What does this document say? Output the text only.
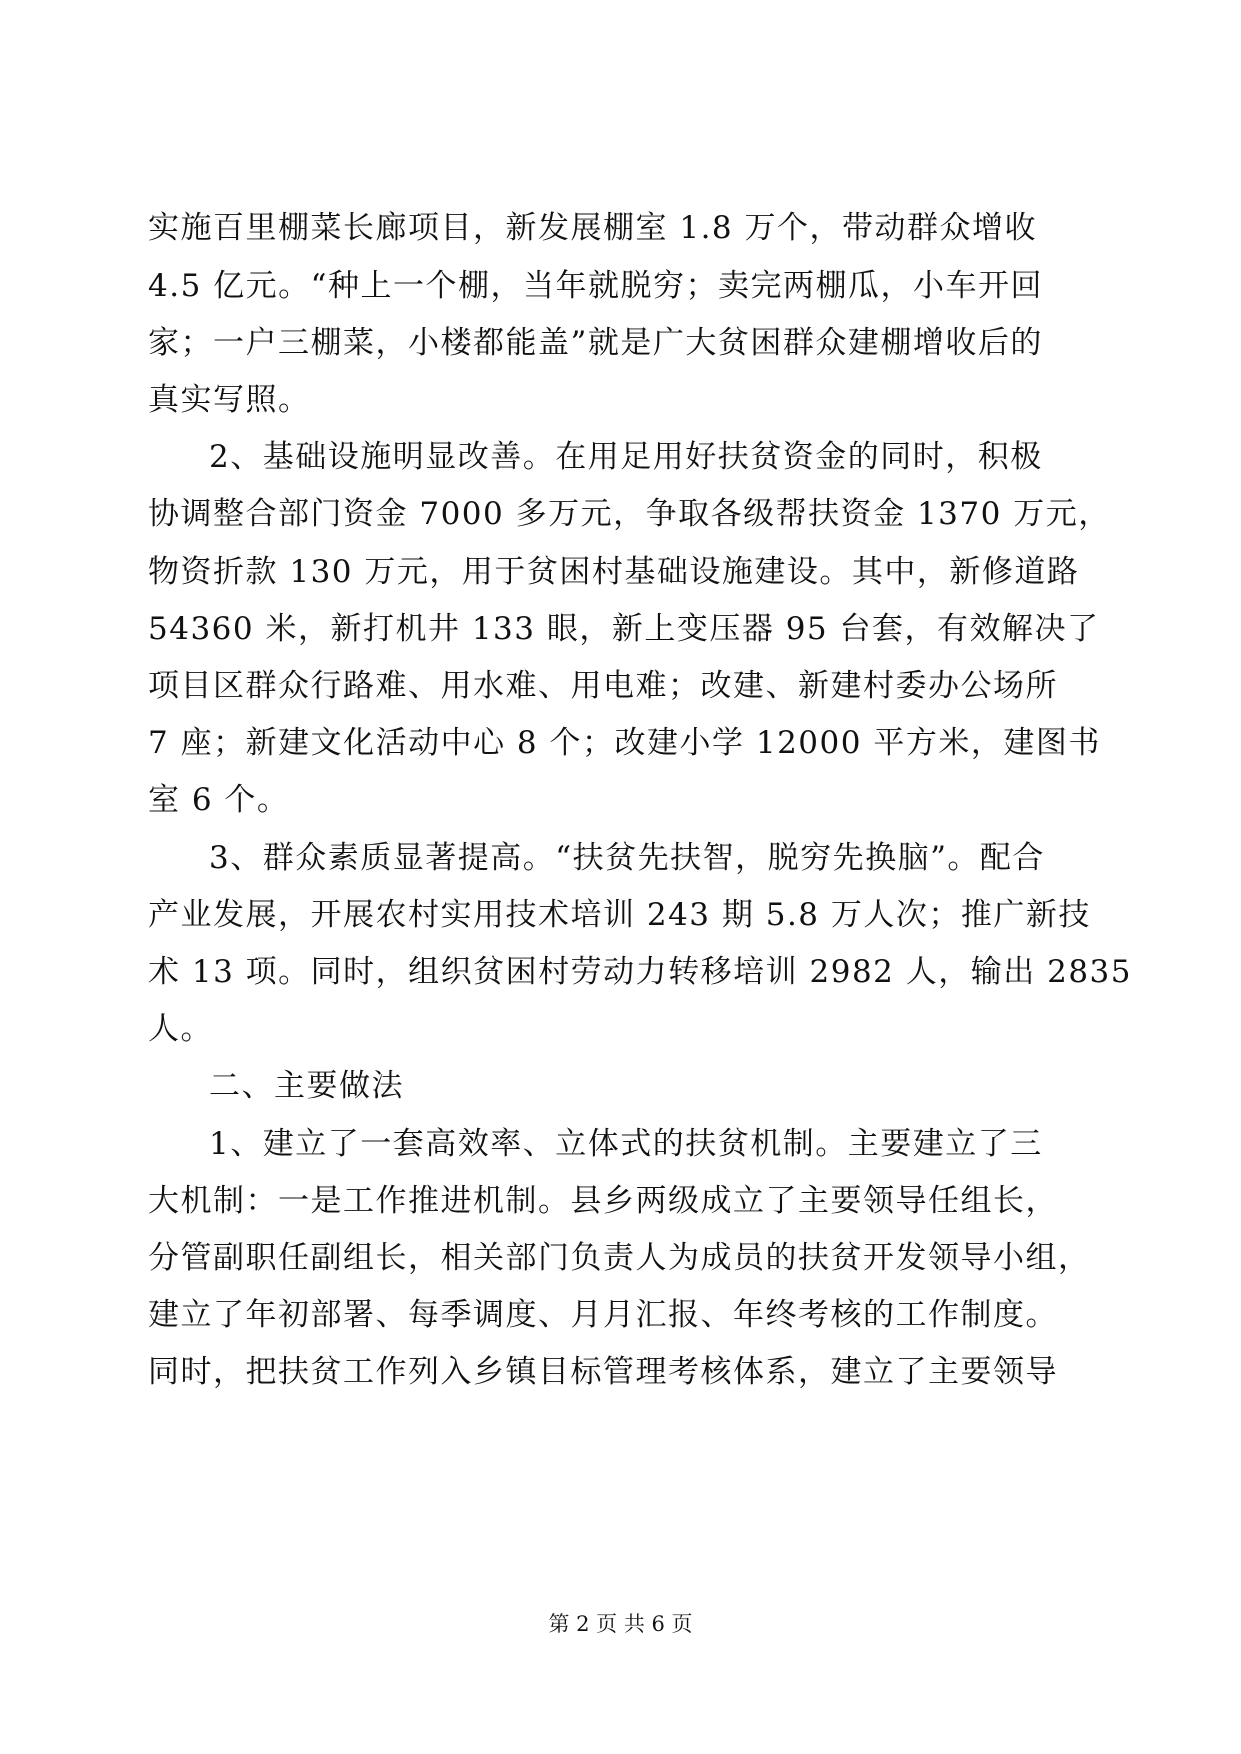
实施百里棚菜长廊项目，新发展棚室 1.8 万个，带动群众增收
4.5 亿元。“种上一个棚，当年就脱穷；卖完两棚瓜，小车开回
家；一户三棚菜，小楼都能盖”就是广大贫困群众建棚增收后的
真实写照。
2、基础设施明显改善。在用足用好扶贫资金的同时，积极
协调整合部门资金 7000 多万元，争取各级帮扶资金 1370 万元，
物资折款 130 万元，用于贫困村基础设施建设。其中，新修道路
54360 米，新打机井 133 眼，新上变压器 95 台套，有效解决了
项目区群众行路难、用水难、用电难；改建、新建村委办公场所
7 座；新建文化活动中心 8 个；改建小学 12000 平方米，建图书
室 6 个。
3、群众素质显著提高。“扶贫先扶智，脱穷先换脑”。配合
产业发展，开展农村实用技术培训 243 期 5.8 万人次；推广新技
术 13 项。同时，组织贫困村劳动力转移培训 2982 人，输出 2835
人。
二、主要做法
1、建立了一套高效率、立体式的扶贫机制。主要建立了三
大机制：一是工作推进机制。县乡两级成立了主要领导任组长，
分管副职任副组长，相关部门负责人为成员的扶贫开发领导小组，
建立了年初部署、每季调度、月月汇报、年终考核的工作制度。
同时，把扶贫工作列入乡镇目标管理考核体系，建立了主要领导
第 2 页 共 6 页
